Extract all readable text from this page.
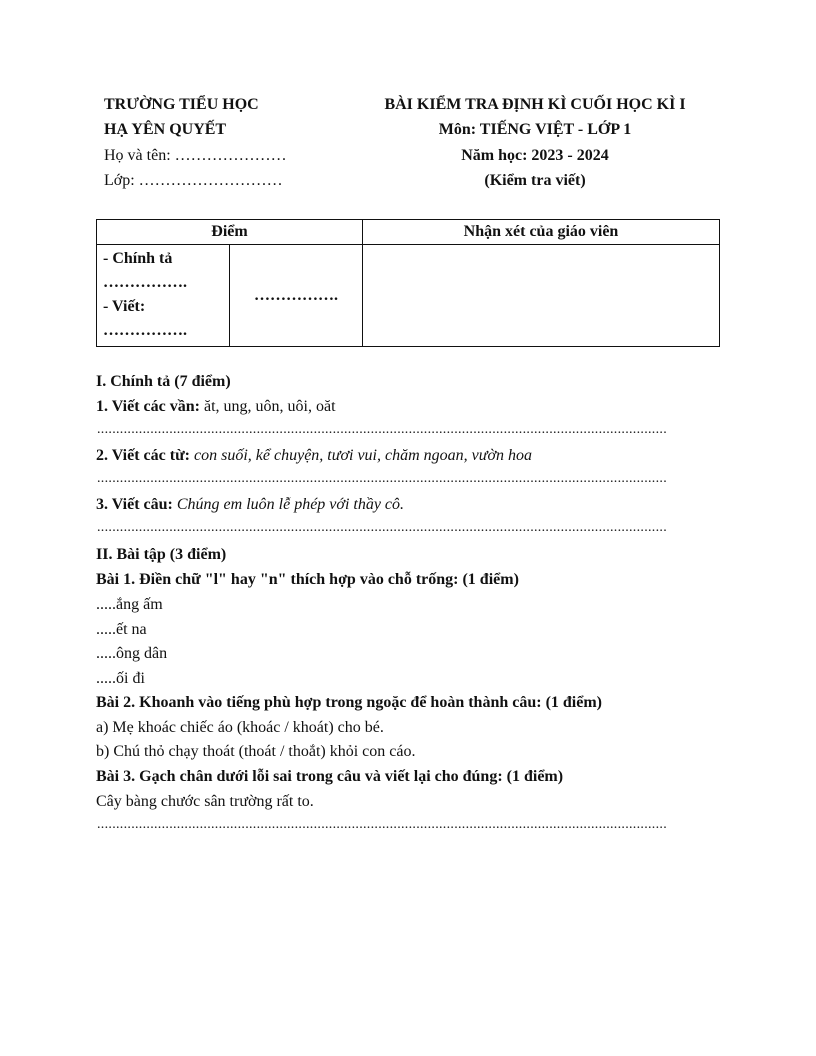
TRƯỜNG TIỂU HỌC
HẠ YÊN QUYẾT
Họ và tên: …………………
Lớp: ………………………
BÀI KIỂM TRA ĐỊNH KÌ CUỐI HỌC KÌ I
Môn: TIẾNG VIỆT - LỚP 1
Năm học: 2023 - 2024
(Kiểm tra viết)
Điểm		Nhận xét của giáo viên

- Chính tả
…………….
- Viết:
…………….	…………….	
I. Chính tả (7 điểm)
1. Viết các vần: ăt, ung, uôn, uôi, oăt
......................................................................................................................................................
2. Viết các từ: con suối, kể chuyện, tươi vui, chăm ngoan, vườn hoa
......................................................................................................................................................
3. Viết câu: Chúng em luôn lễ phép với thầy cô.
......................................................................................................................................................
II. Bài tập (3 điểm)
Bài 1. Điền chữ "l" hay "n" thích hợp vào chỗ trống: (1 điểm)
.....ắng ấm
.....ết na
.....ông dân
.....ối đi
Bài 2. Khoanh vào tiếng phù hợp trong ngoặc để hoàn thành câu: (1 điểm)
a) Mẹ khoác chiếc áo (khoác / khoát) cho bé.
b) Chú thỏ chạy thoát (thoát / thoắt) khỏi con cáo.
Bài 3. Gạch chân dưới lỗi sai trong câu và viết lại cho đúng: (1 điểm)
Cây bàng chước sân trường rất to.
......................................................................................................................................................
